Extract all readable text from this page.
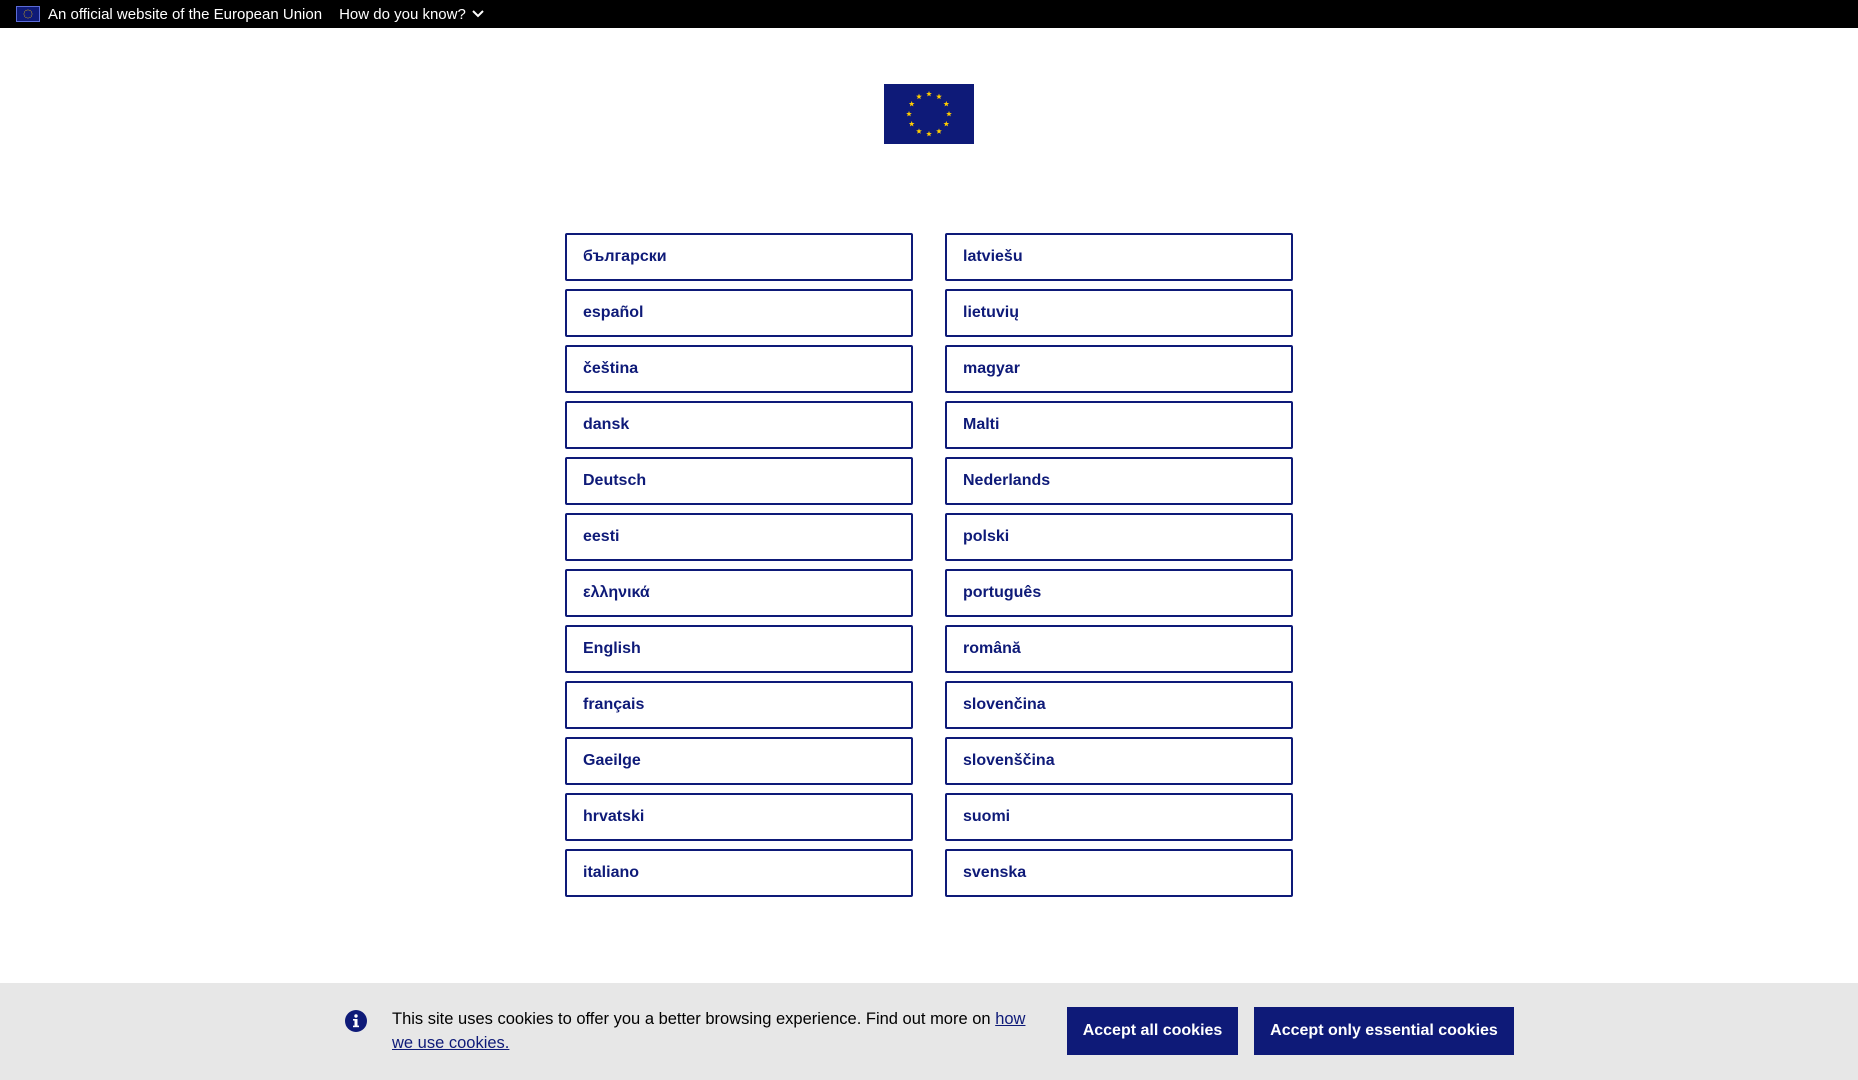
An official website of the European Union How do you know?
български
español
čeština
dansk
Deutsch
eesti
ελληνικά
English
français
Gaeilge
hrvatski
italiano
latviešu
lietuvių
magyar
Malti
Nederlands
polski
português
română
slovenčina
slovenščina
suomi
svenska
This site uses cookies to offer you a better browsing experience. Find out more on how we use cookies.
Accept all cookies	Accept only essential cookies
